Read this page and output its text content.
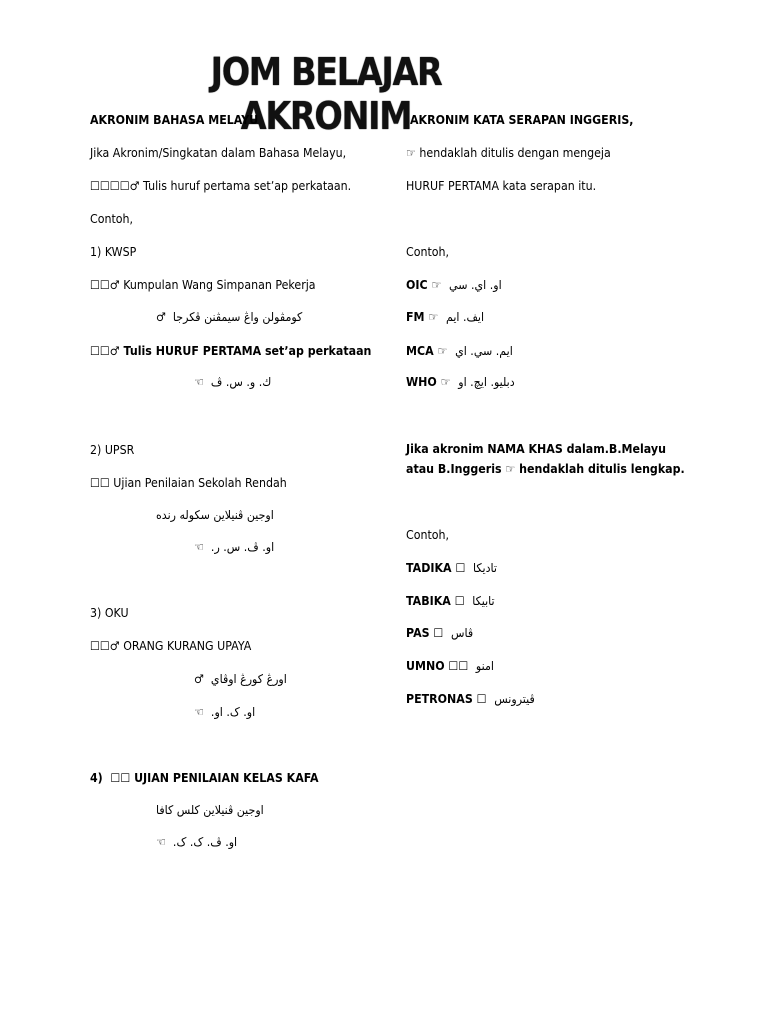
JOM BELAJAR AKRONIM
AKRONIM BAHASA MELAYU
Jika Akronim/Singkatan dalam Bahasa Melayu,
☐☐☐☐♂ Tulis huruf pertama setʼap perkataan.
Contoh,
1) KWSP
☐☐♂ Kumpulan Wang Simpanan Pekerja
♂ كومڤولن واڠ سيمڤنن ڤكرجا
☐☐♂ Tulis HURUF PERTAMA setʼap perkataan
☜ ك. و. س. ڤ
2) UPSR
☐☐ Ujian Penilaian Sekolah Rendah
اوجين ڤنيلاين سكوله رنده
☜ او. ڤ. س. ر.
3) OKU
☐☐♂ ORANG KURANG UPAYA
♂ اورڠ کورڠ اوڤاي
☜ او. ک. او.
4) ☐☐ UJIAN PENILAIAN KELAS KAFA
اوجين ڤنيلاين كلس كافا
☜ او. ڤ. ک. ک.
AKRONIM KATA SERAPAN INGGERIS,
☞ hendaklah ditulis dengan mengeja
HURUF PERTAMA kata serapan itu.
Contoh,
OIC ☞ او. اي. سي
FM ☞ ايف. ايم
MCA ☞ ايم. سي. اي
WHO ☞ دبليو. ايچ. او
Jika akronim NAMA KHAS dalam.B.Melayu
atau B.Inggeris ☞ hendaklah ditulis lengkap.
Contoh,
TADIKA ☐ تاديکا
TABIKA ☐ تابيکا
PAS ☐ ڤاس
UMNO ☐☐ امنو
PETRONAS ☐ ڤيترونس
